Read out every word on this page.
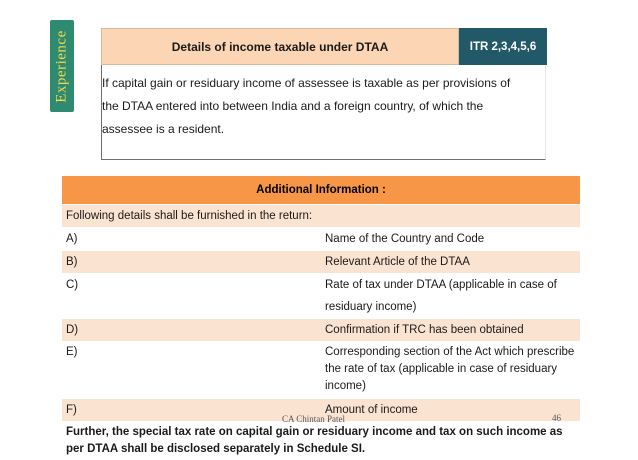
Experience	Details of income taxable under DTAA	ITR 2,3,4,5,6

If capital gain or residuary income of assessee is taxable as per provisions of

the DTAA entered into between India and a foreign country, of which the

assessee is a resident.

Additional Information :	
Following details shall be furnished in the return:	
A)	Name of the Country and Code
B)	Relevant Article of the DTAA
C)	Rate of tax under DTAA (applicable in case of residuary income)
D)	Confirmation if TRC has been obtained
E)	Corresponding section of the Act which prescribe the rate of tax (applicable in case of residuary income)
F)	Amount of income
Further, the special tax rate on capital gain or residuary income and tax on such income as per DTAA shall be disclosed separately in Schedule SI.	
CA Chintan Patel	46
